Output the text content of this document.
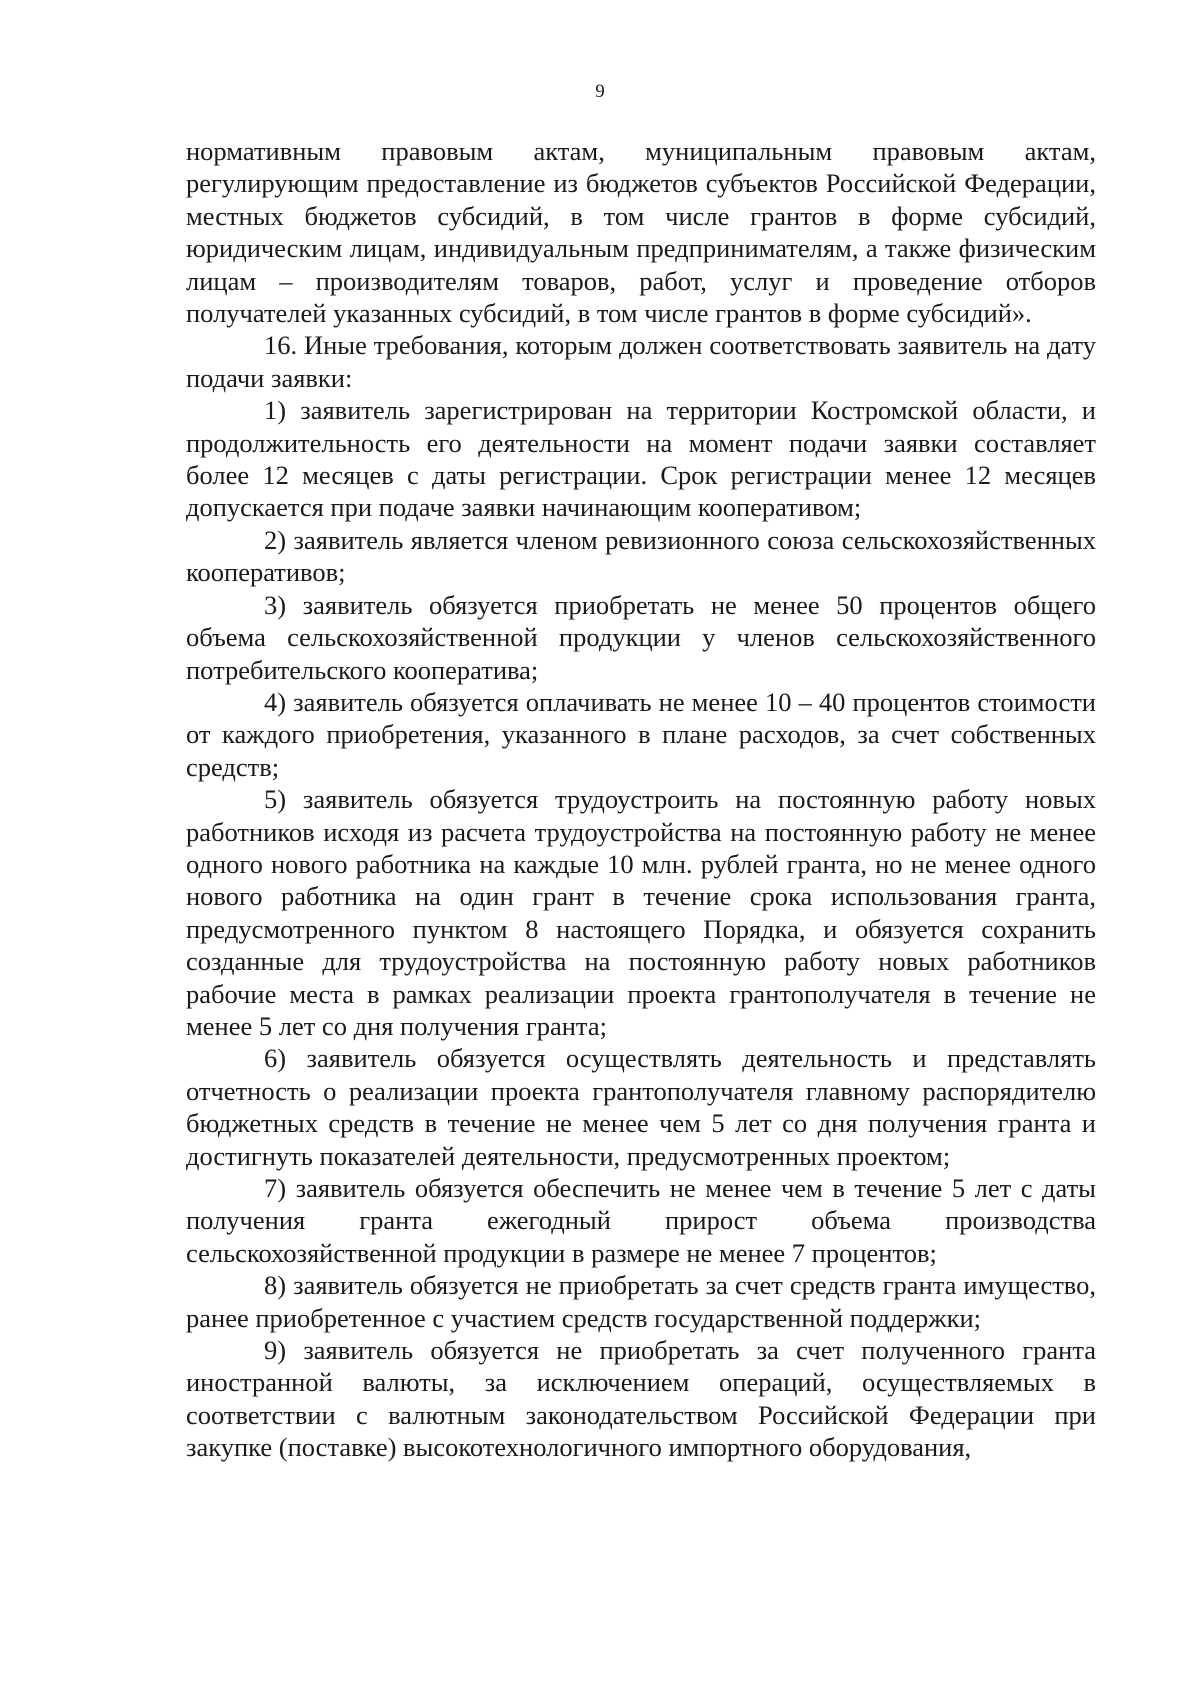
9

нормативным правовым актам, муниципальным правовым актам, регулирующим предоставление из бюджетов субъектов Российской Федерации, местных бюджетов субсидий, в том числе грантов в форме субсидий, юридическим лицам, индивидуальным предпринимателям, а также физическим лицам – производителям товаров, работ, услуг и проведение отборов получателей указанных субсидий, в том числе грантов в форме субсидий».

16. Иные требования, которым должен соответствовать заявитель на дату подачи заявки:

1) заявитель зарегистрирован на территории Костромской области, и продолжительность его деятельности на момент подачи заявки составляет более 12 месяцев с даты регистрации. Срок регистрации менее 12 месяцев допускается при подаче заявки начинающим кооперативом;

2) заявитель является членом ревизионного союза сельскохозяйственных кооперативов;

3) заявитель обязуется приобретать не менее 50 процентов общего объема сельскохозяйственной продукции у членов сельскохозяйственного потребительского кооператива;

4) заявитель обязуется оплачивать не менее 10 – 40 процентов стоимости от каждого приобретения, указанного в плане расходов, за счет собственных средств;

5) заявитель обязуется трудоустроить на постоянную работу новых работников исходя из расчета трудоустройства на постоянную работу не менее одного нового работника на каждые 10 млн. рублей гранта, но не менее одного нового работника на один грант в течение срока использования гранта, предусмотренного пунктом 8 настоящего Порядка, и обязуется сохранить созданные для трудоустройства на постоянную работу новых работников рабочие места в рамках реализации проекта грантополучателя в течение не менее 5 лет со дня получения гранта;

6) заявитель обязуется осуществлять деятельность и представлять отчетность о реализации проекта грантополучателя главному распорядителю бюджетных средств в течение не менее чем 5 лет со дня получения гранта и достигнуть показателей деятельности, предусмотренных проектом;

7) заявитель обязуется обеспечить не менее чем в течение 5 лет с даты получения гранта ежегодный прирост объема производства сельскохозяйственной продукции в размере не менее 7 процентов;

8) заявитель обязуется не приобретать за счет средств гранта имущество, ранее приобретенное с участием средств государственной поддержки;

9) заявитель обязуется не приобретать за счет полученного гранта иностранной валюты, за исключением операций, осуществляемых в соответствии с валютным законодательством Российской Федерации при закупке (поставке) высокотехнологичного импортного оборудования,
